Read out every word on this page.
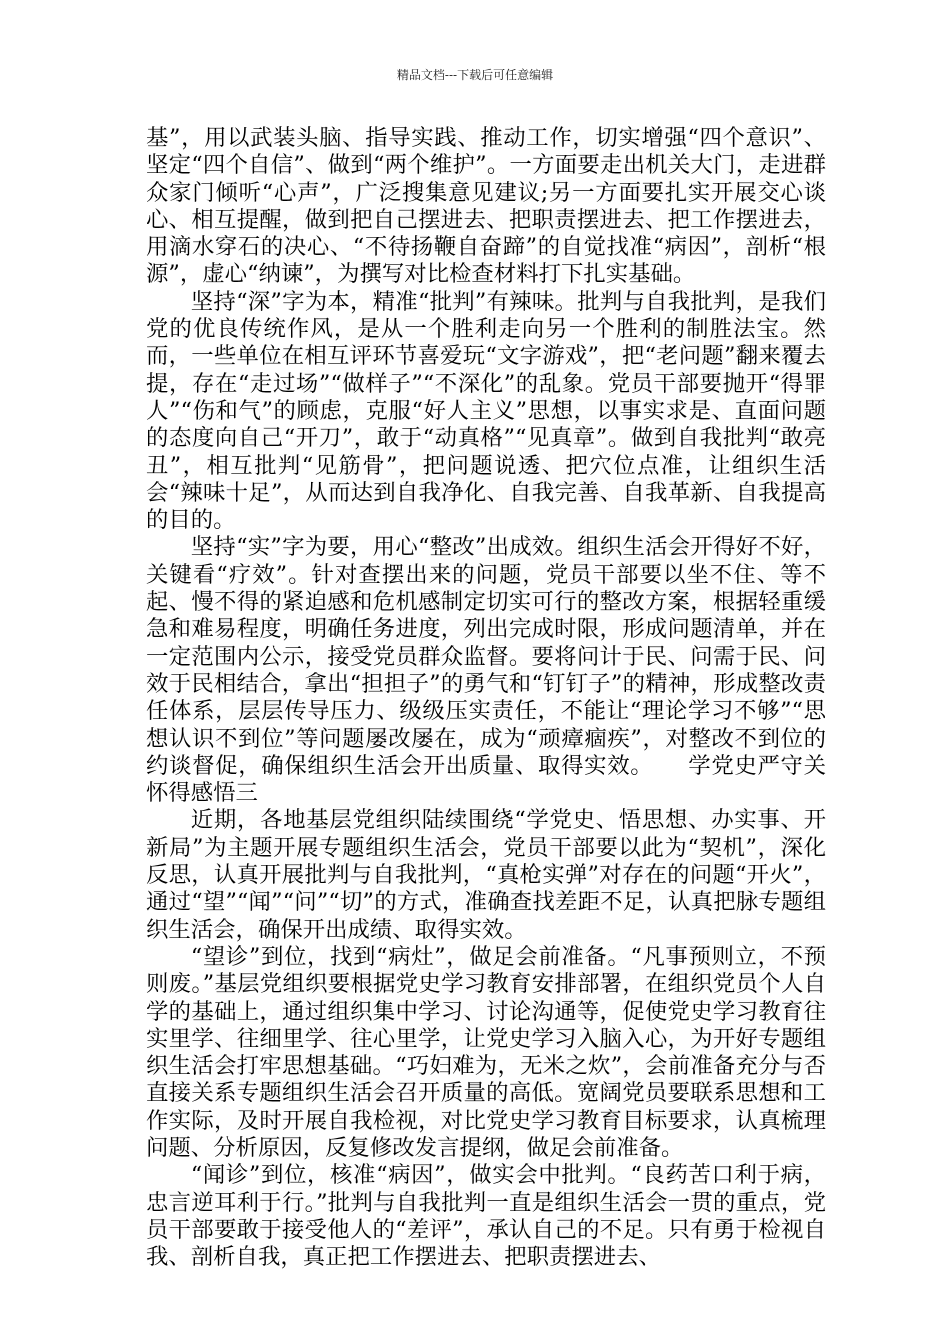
精品文档---下载后可任意编辑

基”，用以武装头脑、指导实践、推动工作，切实增强“四个意识”、坚定“四个自信”、做到“两个维护”。一方面要走出机关大门，走进群众家门倾听“心声”，广泛搜集意见建议;另一方面要扎实开展交心谈心、相互提醒，做到把自己摆进去、把职责摆进去、把工作摆进去，用滴水穿石的决心、“不待扬鞭自奋蹄”的自觉找准“病因”，剖析“根源”，虚心“纳谏”，为撰写对比检查材料打下扎实基础。

坚持“深”字为本，精准“批判”有辣味。批判与自我批判，是我们党的优良传统作风，是从一个胜利走向另一个胜利的制胜法宝。然而，一些单位在相互评环节喜爱玩“文字游戏”，把“老问题”翻来覆去提，存在“走过场”“做样子”“不深化”的乱象。党员干部要抛开“得罪人”“伤和气”的顾虑，克服“好人主义”思想，以事实求是、直面问题的态度向自己“开刀”，敢于“动真格”“见真章”。做到自我批判“敢亮丑”，相互批判“见筋骨”，把问题说透、把穴位点准，让组织生活会“辣味十足”，从而达到自我净化、自我完善、自我革新、自我提高的目的。

坚持“实”字为要，用心“整改”出成效。组织生活会开得好不好，关键看“疗效”。针对查摆出来的问题，党员干部要以坐不住、等不起、慢不得的紧迫感和危机感制定切实可行的整改方案，根据轻重缓急和难易程度，明确任务进度，列出完成时限，形成问题清单，并在一定范围内公示，接受党员群众监督。要将问计于民、问需于民、问效于民相结合，拿出“担担子”的勇气和“钉钉子”的精神，形成整改责任体系，层层传导压力、级级压实责任，不能让“理论学习不够”“思想认识不到位”等问题屡改屡在，成为“顽瘴痼疾”，对整改不到位的约谈督促，确保组织生活会开出质量、取得实效。　　学党史严守关怀得感悟三

近期，各地基层党组织陆续围绕“学党史、悟思想、办实事、开新局”为主题开展专题组织生活会，党员干部要以此为“契机”，深化反思，认真开展批判与自我批判，“真枪实弹”对存在的问题“开火”，通过“望”“闻”“问”“切”的方式，准确查找差距不足，认真把脉专题组织生活会，确保开出成绩、取得实效。

“望诊”到位，找到“病灶”，做足会前准备。“凡事预则立，不预则废。”基层党组织要根据党史学习教育安排部署，在组织党员个人自学的基础上，通过组织集中学习、讨论沟通等，促使党史学习教育往实里学、往细里学、往心里学，让党史学习入脑入心，为开好专题组织生活会打牢思想基础。“巧妇难为，无米之炊”，会前准备充分与否直接关系专题组织生活会召开质量的高低。宽阔党员要联系思想和工作实际，及时开展自我检视，对比党史学习教育目标要求，认真梳理问题、分析原因，反复修改发言提纲，做足会前准备。

“闻诊”到位，核准“病因”，做实会中批判。“良药苦口利于病，忠言逆耳利于行。”批判与自我批判一直是组织生活会一贯的重点，党员干部要敢于接受他人的“差评”，承认自己的不足。只有勇于检视自我、剖析自我，真正把工作摆进去、把职责摆进去、
